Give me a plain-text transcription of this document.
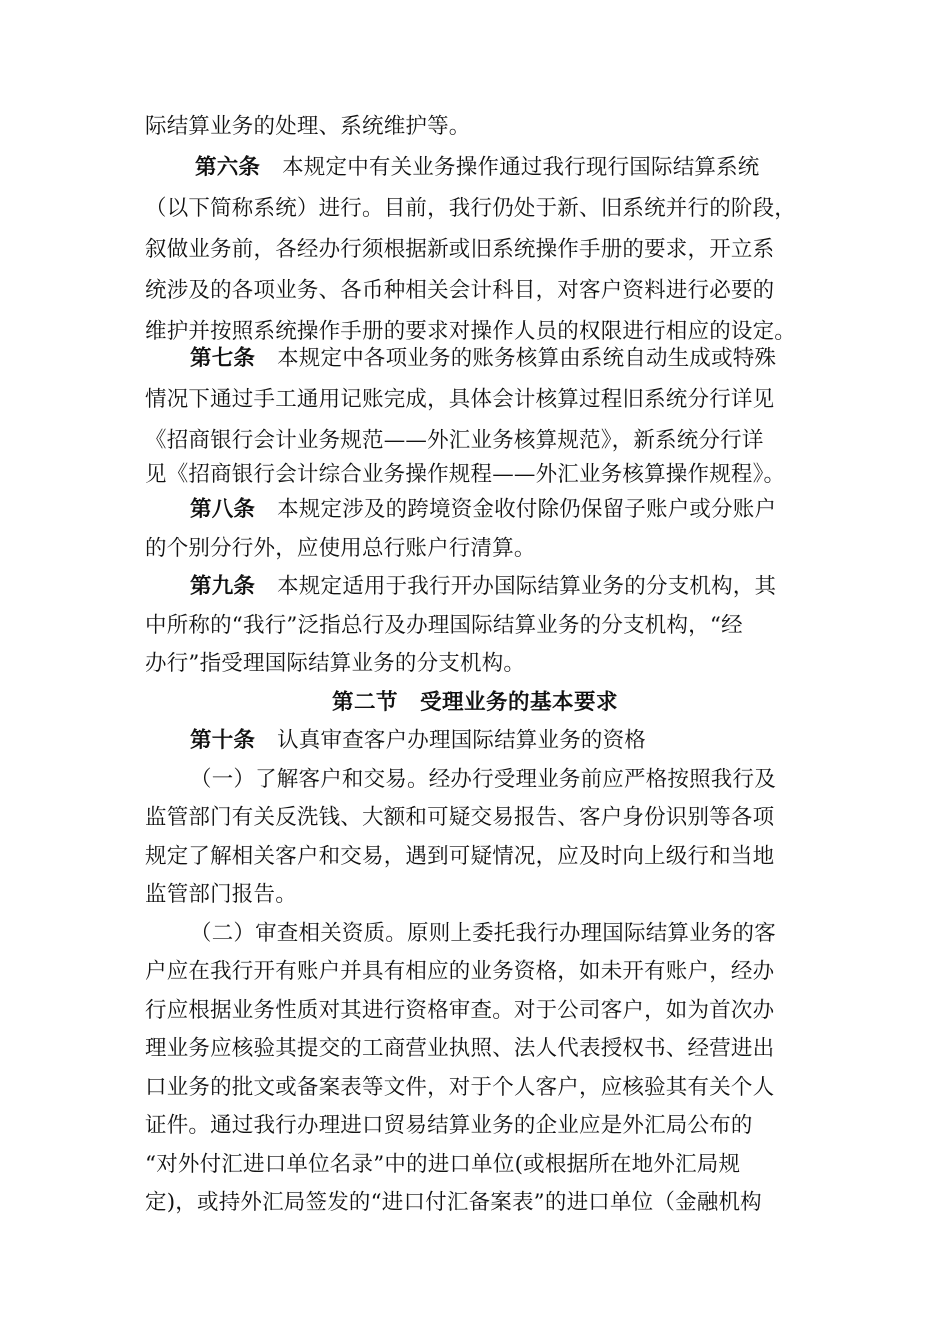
际结算业务的处理、系统维护等。
第六条 本规定中有关业务操作通过我行现行国际结算系统
（以下简称系统）进行。目前，我行仍处于新、旧系统并行的阶段，
叙做业务前，各经办行须根据新或旧系统操作手册的要求，开立系
统涉及的各项业务、各币种相关会计科目，对客户资料进行必要的
维护并按照系统操作手册的要求对操作人员的权限进行相应的设定。
第七条 本规定中各项业务的账务核算由系统自动生成或特殊
情况下通过手工通用记账完成，具体会计核算过程旧系统分行详见
《招商银行会计业务规范——外汇业务核算规范》，新系统分行详
见《招商银行会计综合业务操作规程——外汇业务核算操作规程》。
第八条 本规定涉及的跨境资金收付除仍保留子账户或分账户
的个别分行外，应使用总行账户行清算。
第九条 本规定适用于我行开办国际结算业务的分支机构，其
中所称的“我行”泛指总行及办理国际结算业务的分支机构，“经
办行”指受理国际结算业务的分支机构。
第二节　受理业务的基本要求
第十条 认真审查客户办理国际结算业务的资格
（一）了解客户和交易。经办行受理业务前应严格按照我行及
监管部门有关反洗钱、大额和可疑交易报告、客户身份识别等各项
规定了解相关客户和交易，遇到可疑情况，应及时向上级行和当地
监管部门报告。
（二）审查相关资质。原则上委托我行办理国际结算业务的客
户应在我行开有账户并具有相应的业务资格，如未开有账户，经办
行应根据业务性质对其进行资格审查。对于公司客户，如为首次办
理业务应核验其提交的工商营业执照、法人代表授权书、经营进出
口业务的批文或备案表等文件，对于个人客户，应核验其有关个人
证件。通过我行办理进口贸易结算业务的企业应是外汇局公布的
“对外付汇进口单位名录”中的进口单位(或根据所在地外汇局规
定)，或持外汇局签发的“进口付汇备案表”的进口单位（金融机构
